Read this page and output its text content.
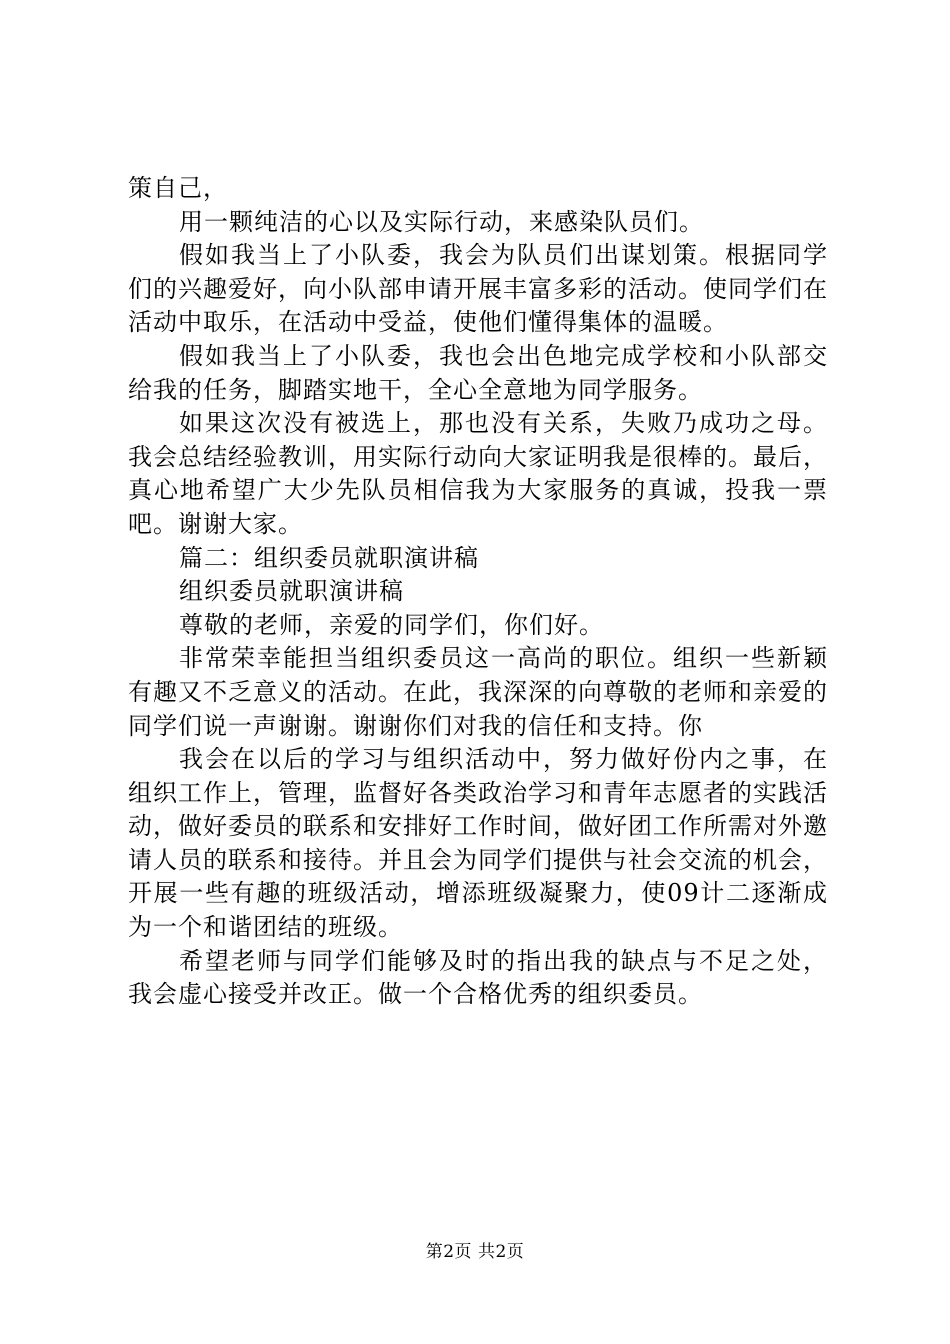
策自己，

用一颗纯洁的心以及实际行动，来感染队员们。

假如我当上了小队委，我会为队员们出谋划策。根据同学们的兴趣爱好，向小队部申请开展丰富多彩的活动。使同学们在活动中取乐，在活动中受益，使他们懂得集体的温暖。

假如我当上了小队委，我也会出色地完成学校和小队部交给我的任务，脚踏实地干，全心全意地为同学服务。

如果这次没有被选上，那也没有关系，失败乃成功之母。我会总结经验教训，用实际行动向大家证明我是很棒的。最后，真心地希望广大少先队员相信我为大家服务的真诚，投我一票吧。谢谢大家。

篇二：组织委员就职演讲稿

组织委员就职演讲稿

尊敬的老师，亲爱的同学们，你们好。

非常荣幸能担当组织委员这一高尚的职位。组织一些新颖有趣又不乏意义的活动。在此，我深深的向尊敬的老师和亲爱的同学们说一声谢谢。谢谢你们对我的信任和支持。你

我会在以后的学习与组织活动中，努力做好份内之事，在组织工作上，管理，监督好各类政治学习和青年志愿者的实践活动，做好委员的联系和安排好工作时间，做好团工作所需对外邀请人员的联系和接待。并且会为同学们提供与社会交流的机会，开展一些有趣的班级活动，增添班级凝聚力，使09计二逐渐成为一个和谐团结的班级。

希望老师与同学们能够及时的指出我的缺点与不足之处，我会虚心接受并改正。做一个合格优秀的组织委员。

第2页 共2页
